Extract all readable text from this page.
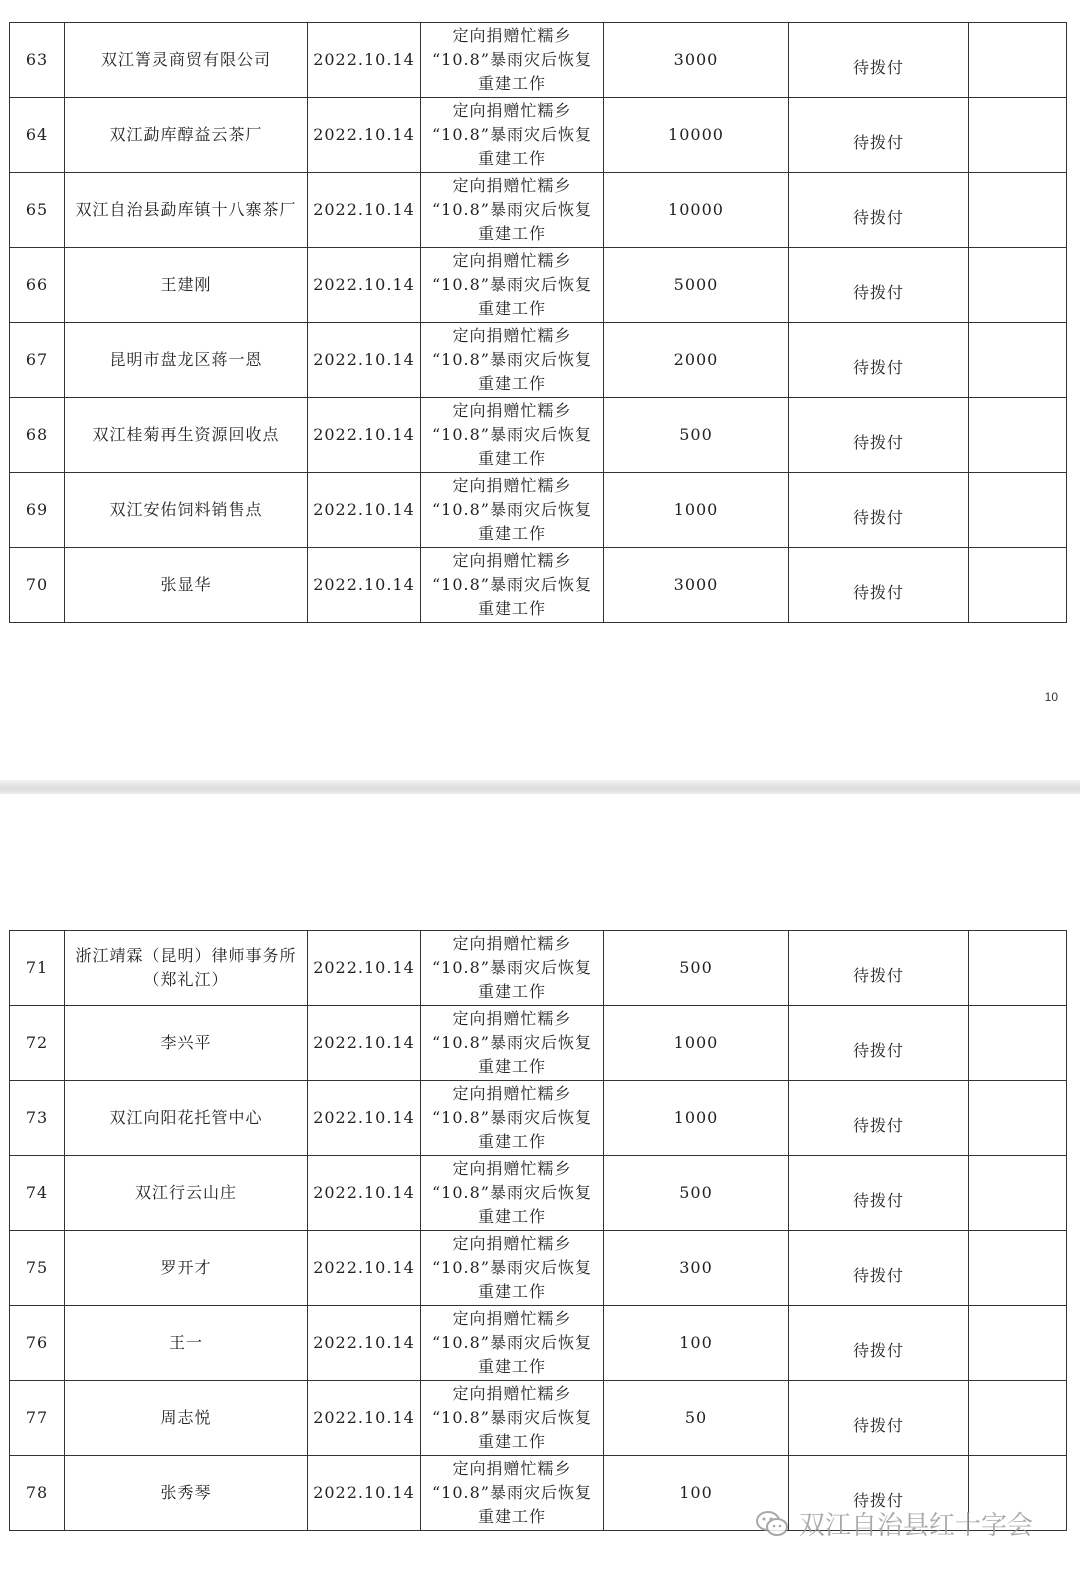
63	双江箐灵商贸有限公司	2022.10.14	定向捐赠忙糯乡
“10.8”暴雨灾后恢复
重建工作	3000	待拨付	
64	双江勐库醇益云茶厂	2022.10.14	定向捐赠忙糯乡
“10.8”暴雨灾后恢复
重建工作	10000	待拨付	
65	双江自治县勐库镇十八寨茶厂	2022.10.14	定向捐赠忙糯乡
“10.8”暴雨灾后恢复
重建工作	10000	待拨付	
66	王建刚	2022.10.14	定向捐赠忙糯乡
“10.8”暴雨灾后恢复
重建工作	5000	待拨付	
67	昆明市盘龙区蒋一恩	2022.10.14	定向捐赠忙糯乡
“10.8”暴雨灾后恢复
重建工作	2000	待拨付	
68	双江桂菊再生资源回收点	2022.10.14	定向捐赠忙糯乡
“10.8”暴雨灾后恢复
重建工作	500	待拨付	
69	双江安佑饲料销售点	2022.10.14	定向捐赠忙糯乡
“10.8”暴雨灾后恢复
重建工作	1000	待拨付	
70	张显华	2022.10.14	定向捐赠忙糯乡
“10.8”暴雨灾后恢复
重建工作	3000	待拨付	
10
71	浙江靖霖（昆明）律师事务所（郑礼江）	2022.10.14	定向捐赠忙糯乡
“10.8”暴雨灾后恢复
重建工作	500	待拨付	
72	李兴平	2022.10.14	定向捐赠忙糯乡
“10.8”暴雨灾后恢复
重建工作	1000	待拨付	
73	双江向阳花托管中心	2022.10.14	定向捐赠忙糯乡
“10.8”暴雨灾后恢复
重建工作	1000	待拨付	
74	双江行云山庄	2022.10.14	定向捐赠忙糯乡
“10.8”暴雨灾后恢复
重建工作	500	待拨付	
75	罗开才	2022.10.14	定向捐赠忙糯乡
“10.8”暴雨灾后恢复
重建工作	300	待拨付	
76	王一	2022.10.14	定向捐赠忙糯乡
“10.8”暴雨灾后恢复
重建工作	100	待拨付	
77	周志悦	2022.10.14	定向捐赠忙糯乡
“10.8”暴雨灾后恢复
重建工作	50	待拨付	
78	张秀琴	2022.10.14	定向捐赠忙糯乡
“10.8”暴雨灾后恢复
重建工作	100	待拨付	
双江自治县红十字会
